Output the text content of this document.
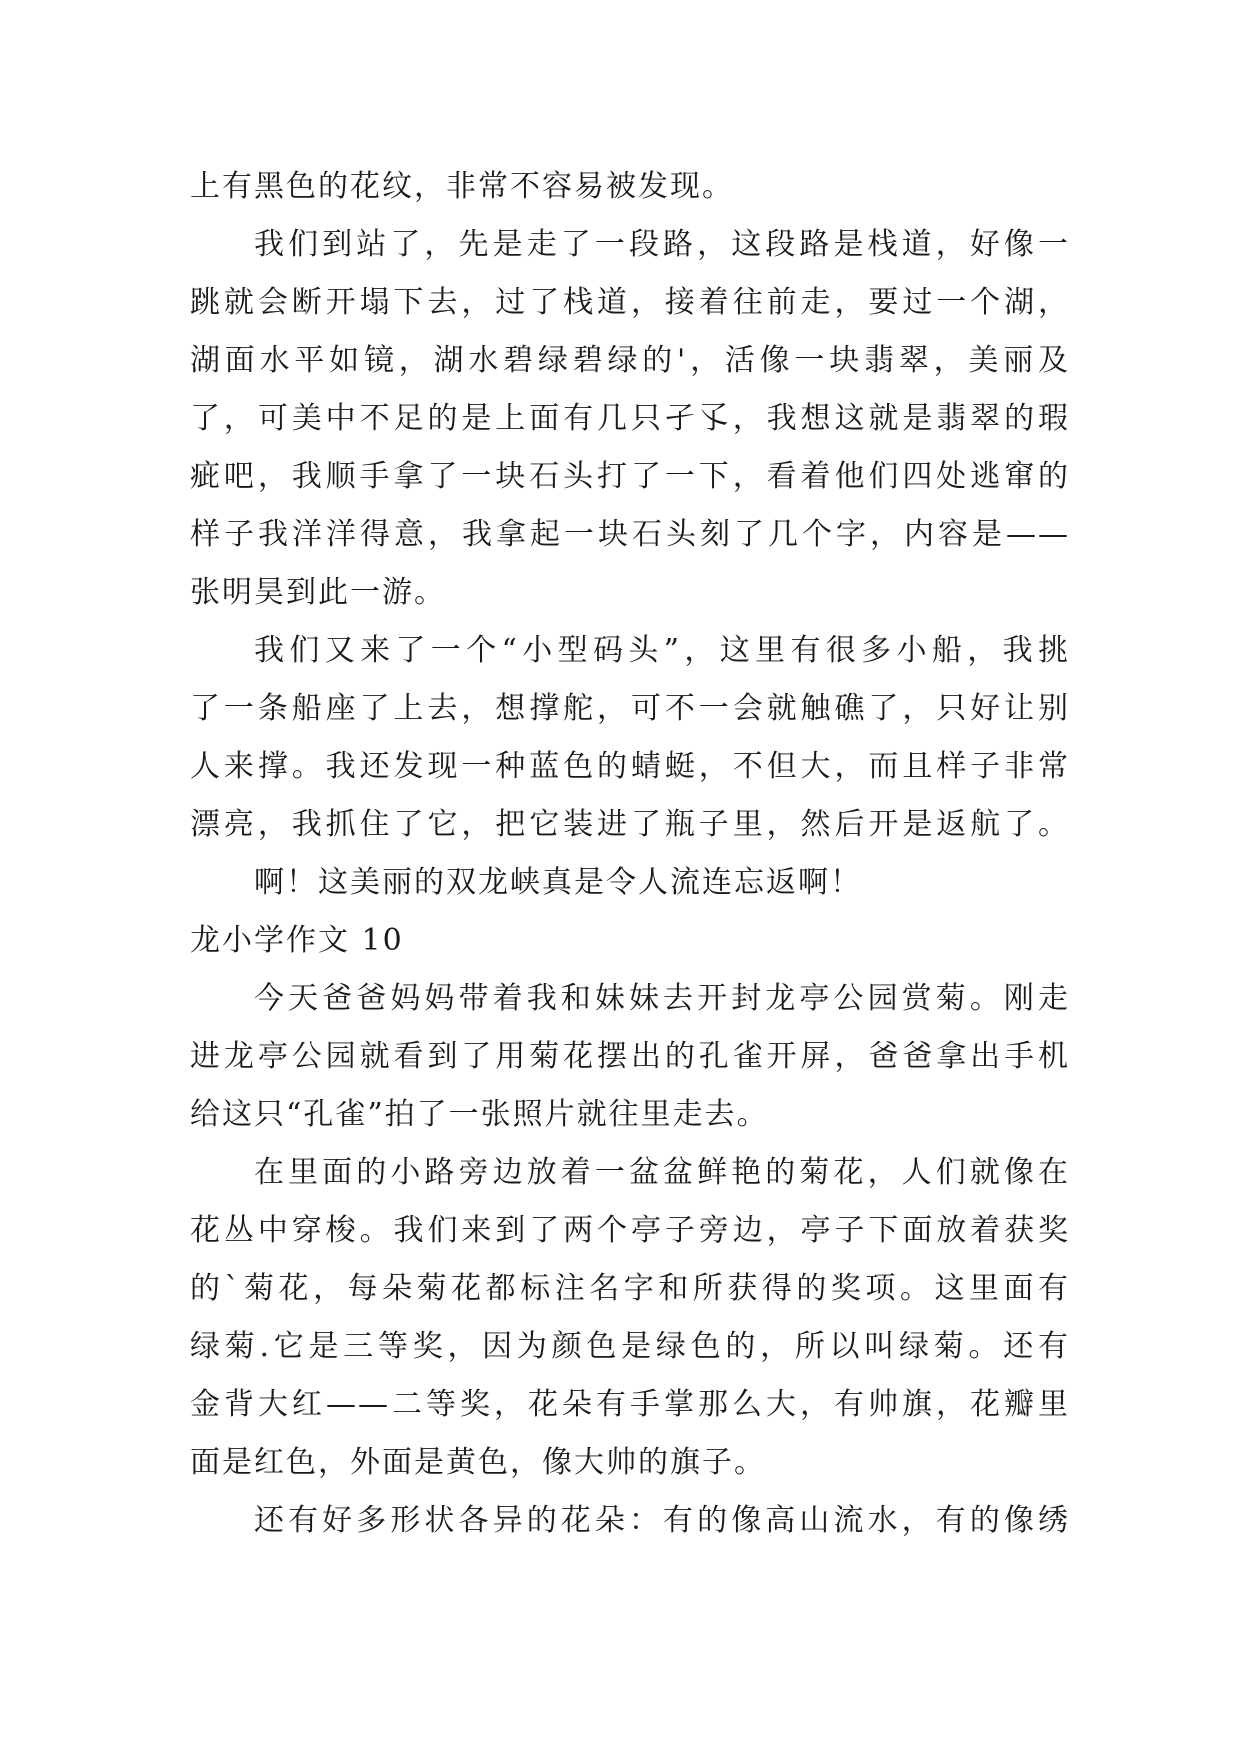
上有黑色的花纹，非常不容易被发现。
我们到站了，先是走了一段路，这段路是栈道，好像一
跳就会断开塌下去，过了栈道，接着往前走，要过一个湖，
湖面水平如镜，湖水碧绿碧绿的'，活像一块翡翠，美丽及
了，可美中不足的是上面有几只孑孓，我想这就是翡翠的瑕
疵吧，我顺手拿了一块石头打了一下，看着他们四处逃窜的
样子我洋洋得意，我拿起一块石头刻了几个字，内容是——
张明昊到此一游。
我们又来了一个“小型码头”，这里有很多小船，我挑
了一条船座了上去，想撑舵，可不一会就触礁了，只好让别
人来撑。我还发现一种蓝色的蜻蜓，不但大，而且样子非常
漂亮，我抓住了它，把它装进了瓶子里，然后开是返航了。
啊！这美丽的双龙峡真是令人流连忘返啊！
龙小学作文 10
今天爸爸妈妈带着我和妹妹去开封龙亭公园赏菊。刚走
进龙亭公园就看到了用菊花摆出的孔雀开屏，爸爸拿出手机
给这只“孔雀”拍了一张照片就往里走去。
在里面的小路旁边放着一盆盆鲜艳的菊花，人们就像在
花丛中穿梭。我们来到了两个亭子旁边，亭子下面放着获奖
的`菊花，每朵菊花都标注名字和所获得的奖项。这里面有
绿菊.它是三等奖，因为颜色是绿色的，所以叫绿菊。还有
金背大红——二等奖，花朵有手掌那么大，有帅旗，花瓣里
面是红色，外面是黄色，像大帅的旗子。
还有好多形状各异的花朵：有的像高山流水，有的像绣
